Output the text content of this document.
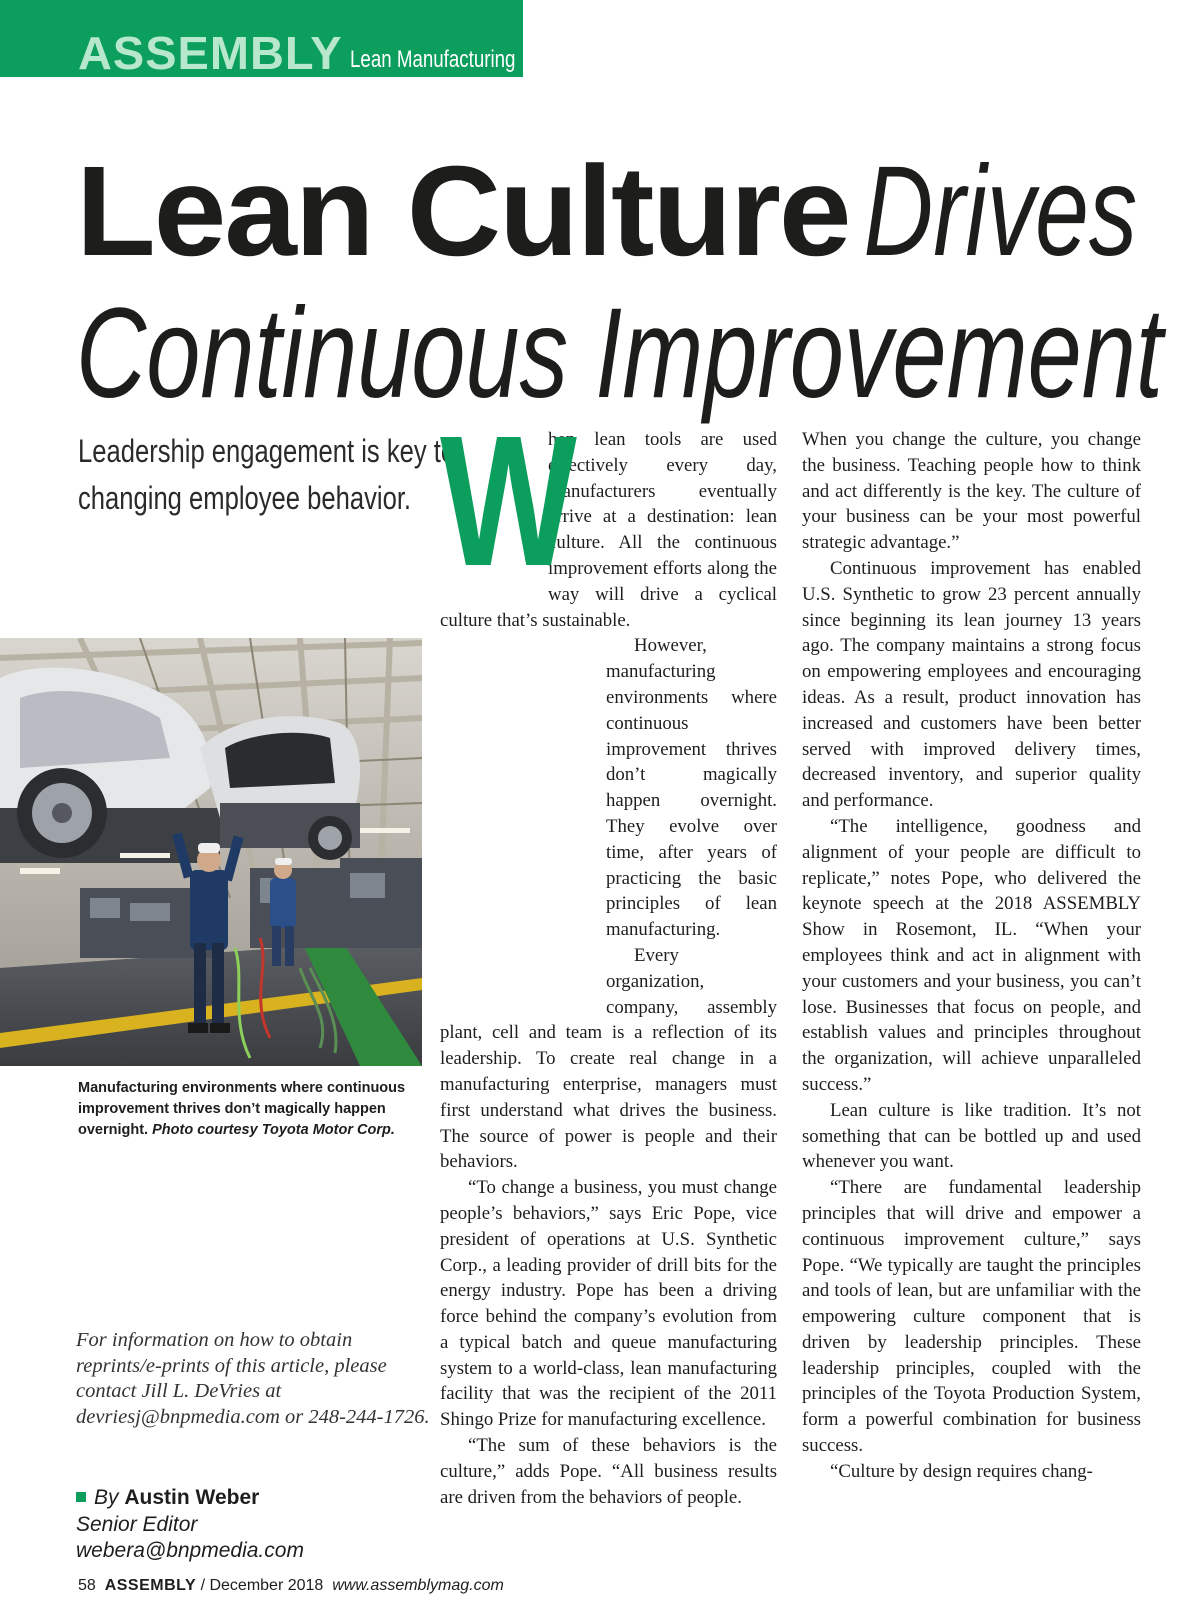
ASSEMBLY Lean Manufacturing
Lean Culture Drives
Continuous Improvement

Leadership engagement is key to changing employee behavior.

Manufacturing environments where continuous improvement thrives don’t magically happen overnight. Photo courtesy Toyota Motor Corp.
For information on how to obtain reprints/e-prints of this article, please contact Jill L. DeVries at devriesj@bnpmedia.com or 248-244-1726.
By Austin Weber
Senior Editor
webera@bnpmedia.com
W

hen lean tools are used effectively every day, manufacturers eventually arrive at a destination: lean culture. All the continuous improvement efforts along the way will drive a cyclical culture that’s sustainable.

However, manufacturing environments where continuous improvement thrives don’t magically happen overnight. They evolve over time, after years of practicing the basic principles of lean manufacturing.

Every organization, company, assembly plant, cell and team is a reflection of its leadership. To create real change in a manufacturing enterprise, managers must first understand what drives the business. The source of power is people and their behaviors.

“To change a business, you must change people’s behaviors,” says Eric Pope, vice president of operations at U.S. Synthetic Corp., a leading provider of drill bits for the energy industry. Pope has been a driving force behind the company’s evolution from a typical batch and queue manufacturing system to a world-class, lean manufacturing facility that was the recipient of the 2011 Shingo Prize for manufacturing excellence.

“The sum of these behaviors is the culture,” adds Pope. “All business results are driven from the behaviors of people.

When you change the culture, you change the business. Teaching people how to think and act differently is the key. The culture of your business can be your most powerful strategic advantage.”

Continuous improvement has enabled U.S. Synthetic to grow 23 percent annually since beginning its lean journey 13 years ago. The company maintains a strong focus on empowering employees and encouraging ideas. As a result, product innovation has increased and customers have been better served with improved delivery times, decreased inventory, and superior quality and performance.

“The intelligence, goodness and alignment of your people are difficult to replicate,” notes Pope, who delivered the keynote speech at the 2018 ASSEMBLY Show in Rosemont, IL. “When your employees think and act in alignment with your customers and your business, you can’t lose. Businesses that focus on people, and establish values and principles throughout the organization, will achieve unparalleled success.”

Lean culture is like tradition. It’s not something that can be bottled up and used whenever you want.

“There are fundamental leadership principles that will drive and empower a continuous improvement culture,” says Pope. “We typically are taught the principles and tools of lean, but are unfamiliar with the empowering culture component that is driven by leadership principles. These leadership principles, coupled with the principles of the Toyota Production System, form a powerful combination for business success.

“Culture by design requires chang-

58 ASSEMBLY / December 2018 www.assemblymag.com
